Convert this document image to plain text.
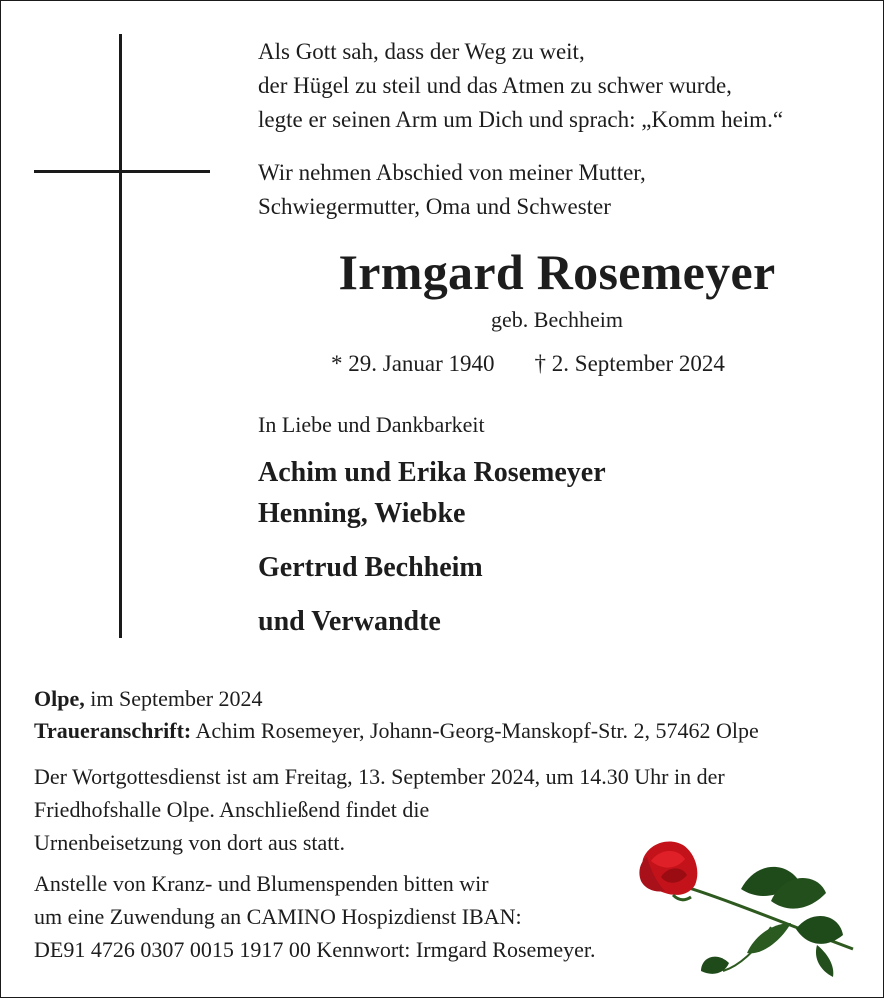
Als Gott sah, dass der Weg zu weit,
der Hügel zu steil und das Atmen zu schwer wurde,
legte er seinen Arm um Dich und sprach: „Komm heim.“
Wir nehmen Abschied von meiner Mutter,
Schwiegermutter, Oma und Schwester
Irmgard Rosemeyer
geb. Bechheim
* 29. Januar 1940 † 2. September 2024
In Liebe und Dankbarkeit
Achim und Erika Rosemeyer
Henning, Wiebke
Gertrud Bechheim
und Verwandte
Olpe, im September 2024
Traueranschrift: Achim Rosemeyer, Johann-Georg-Manskopf-Str. 2, 57462 Olpe
Der Wortgottesdienst ist am Freitag, 13. September 2024, um 14.30 Uhr in der
Friedhofshalle Olpe. Anschließend findet die
Urnenbeisetzung von dort aus statt.
Anstelle von Kranz- und Blumenspenden bitten wir
um eine Zuwendung an CAMINO Hospizdienst IBAN:
DE91 4726 0307 0015 1917 00 Kennwort: Irmgard Rosemeyer.
